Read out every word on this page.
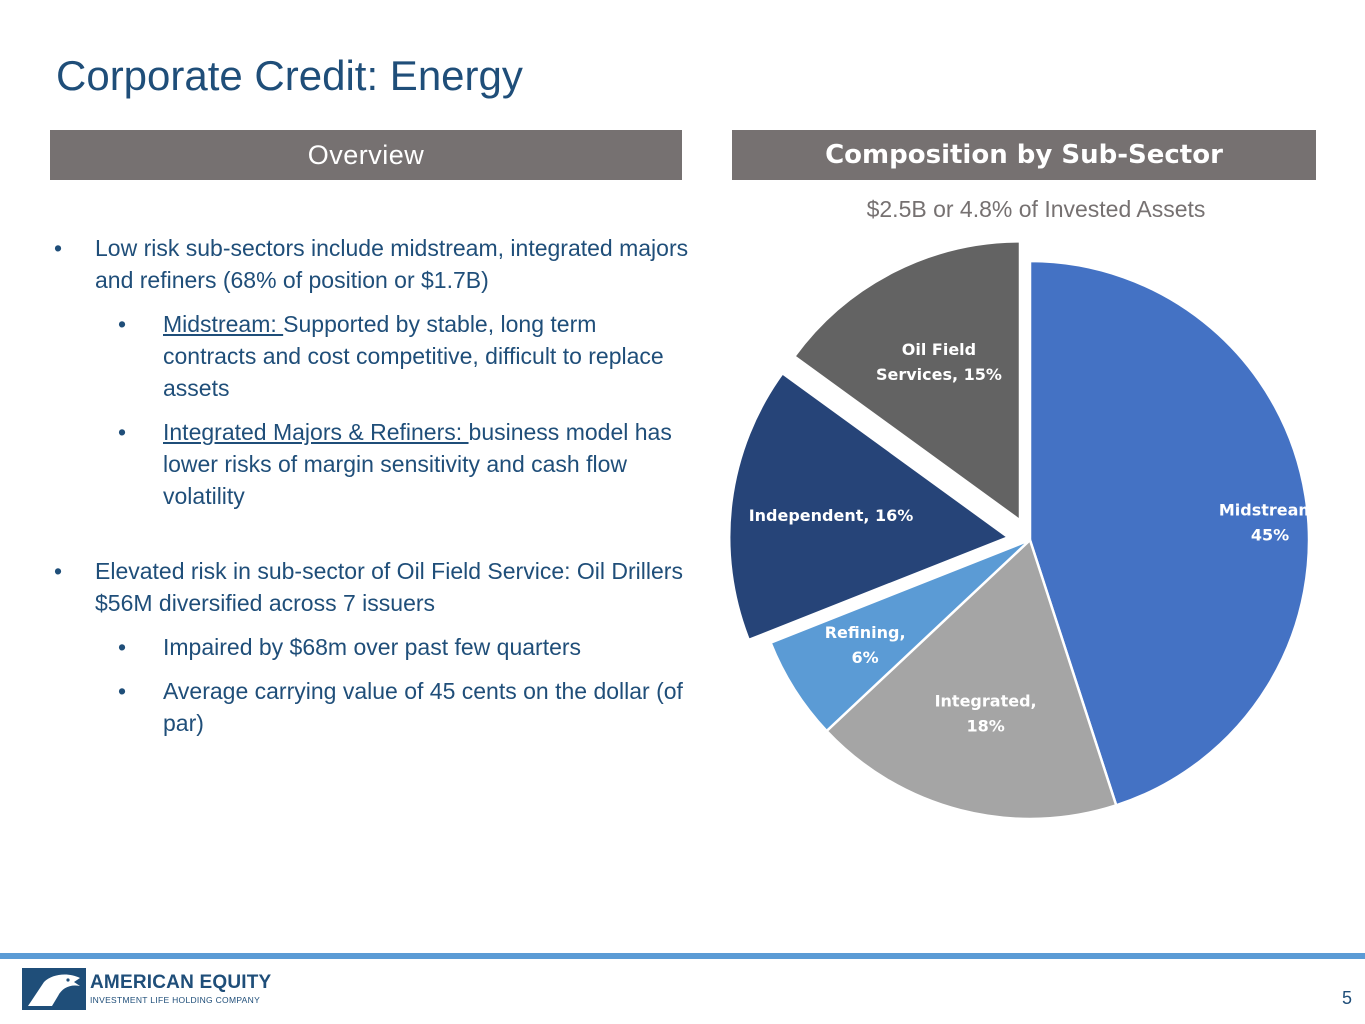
Corporate Credit: Energy
Overview	Composition by Sub-Sector
$2.5B or 4.8% of Invested Assets
• Low risk sub-sectors include midstream, integrated majors and refiners (68% of position or $1.7B)
• Midstream: Supported by stable, long term contracts and cost competitive, difficult to replace assets
• Integrated Majors & Refiners: business model has lower risks of margin sensitivity and cash flow volatility
• Elevated risk in sub-sector of Oil Field Service: Oil Drillers $56M diversified across 7 issuers
• Impaired by $68m over past few quarters
• Average carrying value of 45 cents on the dollar (of par)
Midstream,
45%
Integrated,
18%
Refining,
6%
Independent, 16%
Oil Field
Services, 15%
AMERICAN EQUITY
INVESTMENT LIFE HOLDING COMPANY	5
